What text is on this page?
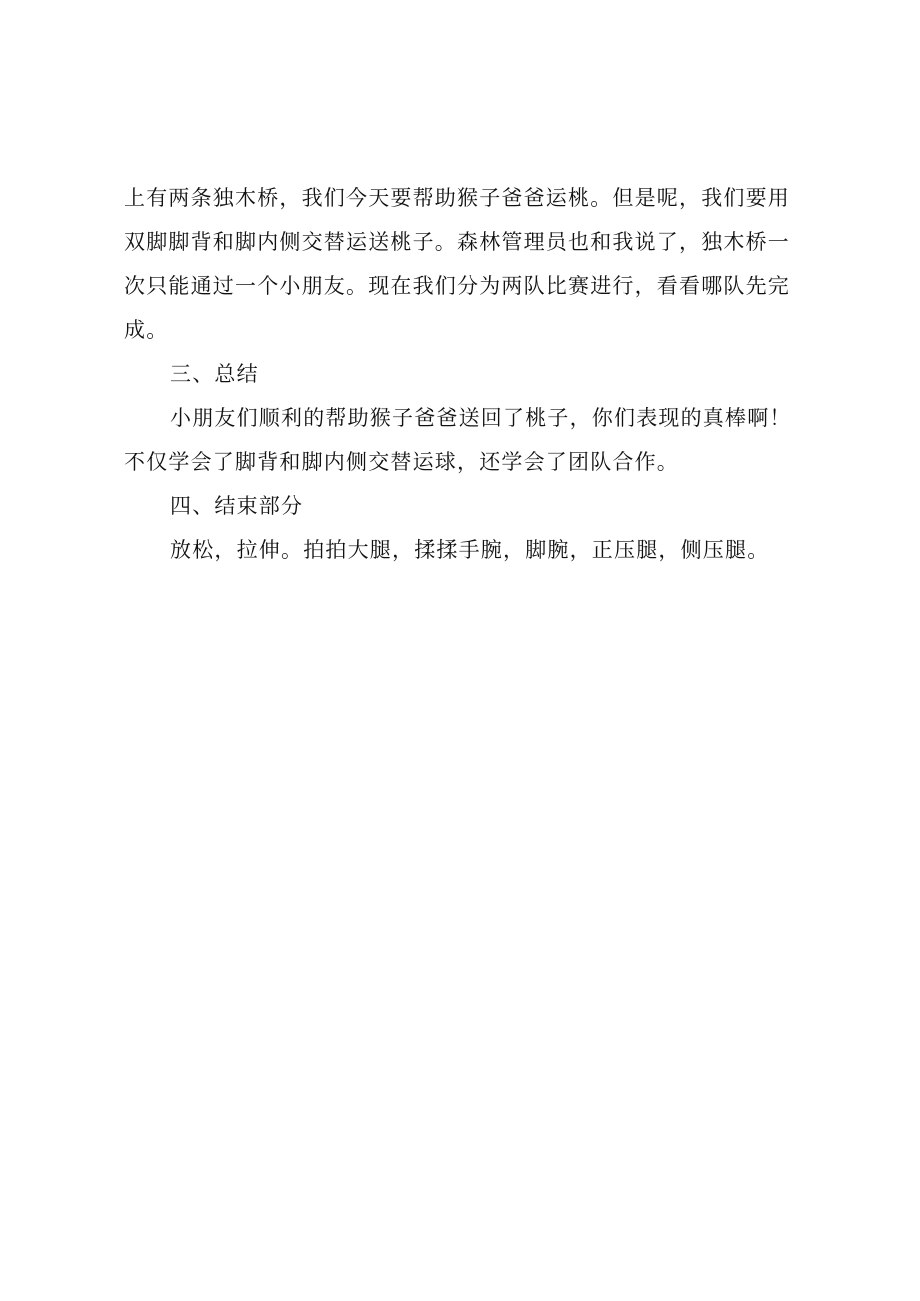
上有两条独木桥，我们今天要帮助猴子爸爸运桃。但是呢，我们要用
双脚脚背和脚内侧交替运送桃子。森林管理员也和我说了，独木桥一
次只能通过一个小朋友。现在我们分为两队比赛进行，看看哪队先完
成。
三、总结
小朋友们顺利的帮助猴子爸爸送回了桃子，你们表现的真棒啊！
不仅学会了脚背和脚内侧交替运球，还学会了团队合作。
四、结束部分
放松，拉伸。拍拍大腿，揉揉手腕，脚腕，正压腿，侧压腿。
